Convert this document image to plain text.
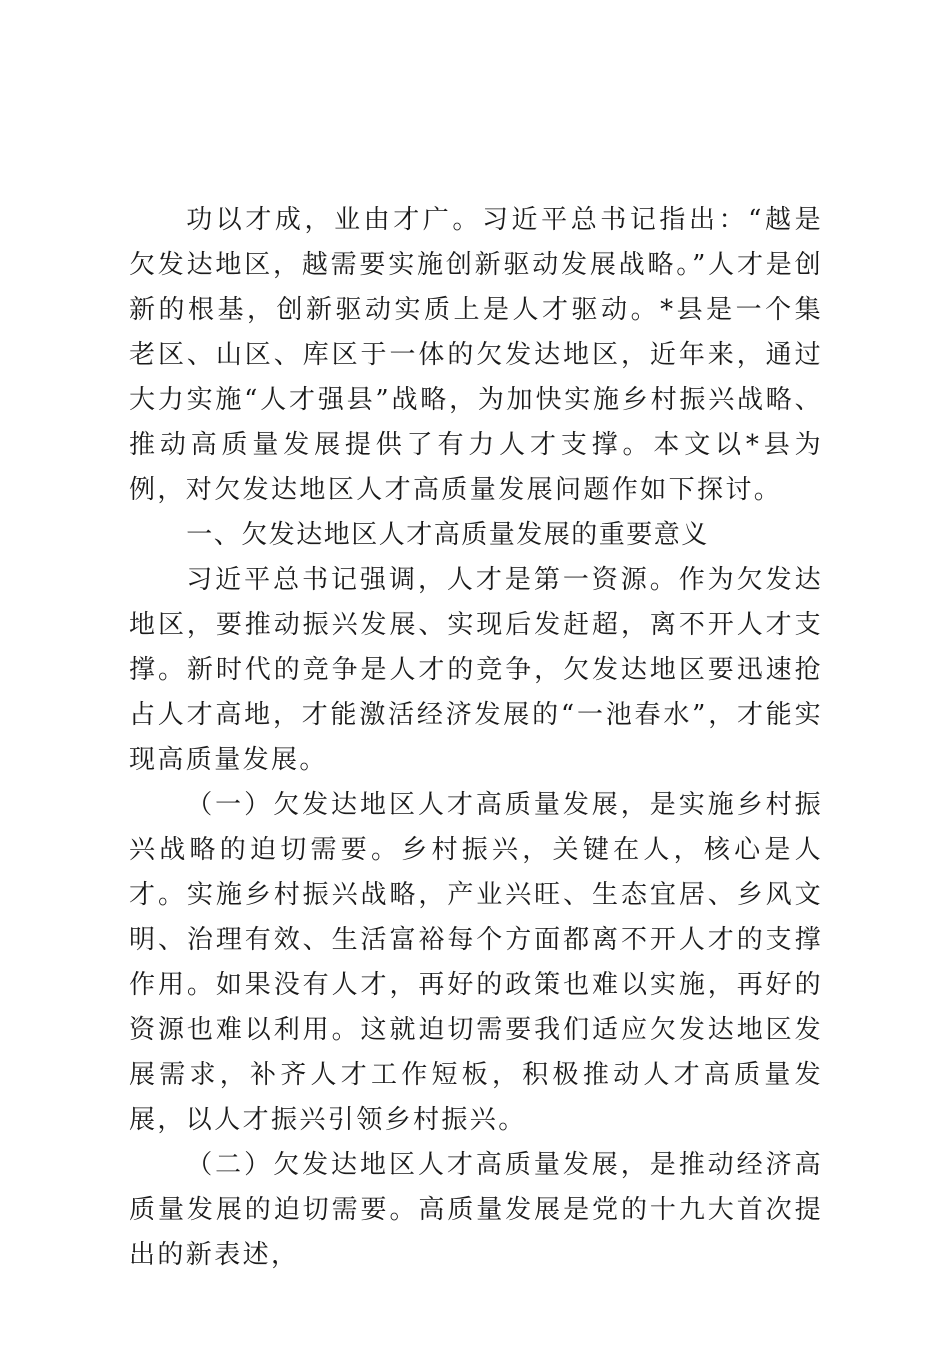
功以才成，业由才广。习近平总书记指出：“越是欠发达地区，越需要实施创新驱动发展战略。”人才是创新的根基，创新驱动实质上是人才驱动。*县是一个集老区、山区、库区于一体的欠发达地区，近年来，通过大力实施“人才强县”战略，为加快实施乡村振兴战略、推动高质量发展提供了有力人才支撑。本文以*县为例，对欠发达地区人才高质量发展问题作如下探讨。

一、欠发达地区人才高质量发展的重要意义

习近平总书记强调，人才是第一资源。作为欠发达地区，要推动振兴发展、实现后发赶超，离不开人才支撑。新时代的竞争是人才的竞争，欠发达地区要迅速抢占人才高地，才能激活经济发展的“一池春水”，才能实现高质量发展。

（一）欠发达地区人才高质量发展，是实施乡村振兴战略的迫切需要。乡村振兴，关键在人，核心是人才。实施乡村振兴战略，产业兴旺、生态宜居、乡风文明、治理有效、生活富裕每个方面都离不开人才的支撑作用。如果没有人才，再好的政策也难以实施，再好的资源也难以利用。这就迫切需要我们适应欠发达地区发展需求，补齐人才工作短板，积极推动人才高质量发展，以人才振兴引领乡村振兴。

（二）欠发达地区人才高质量发展，是推动经济高质量发展的迫切需要。高质量发展是党的十九大首次提出的新表述，
